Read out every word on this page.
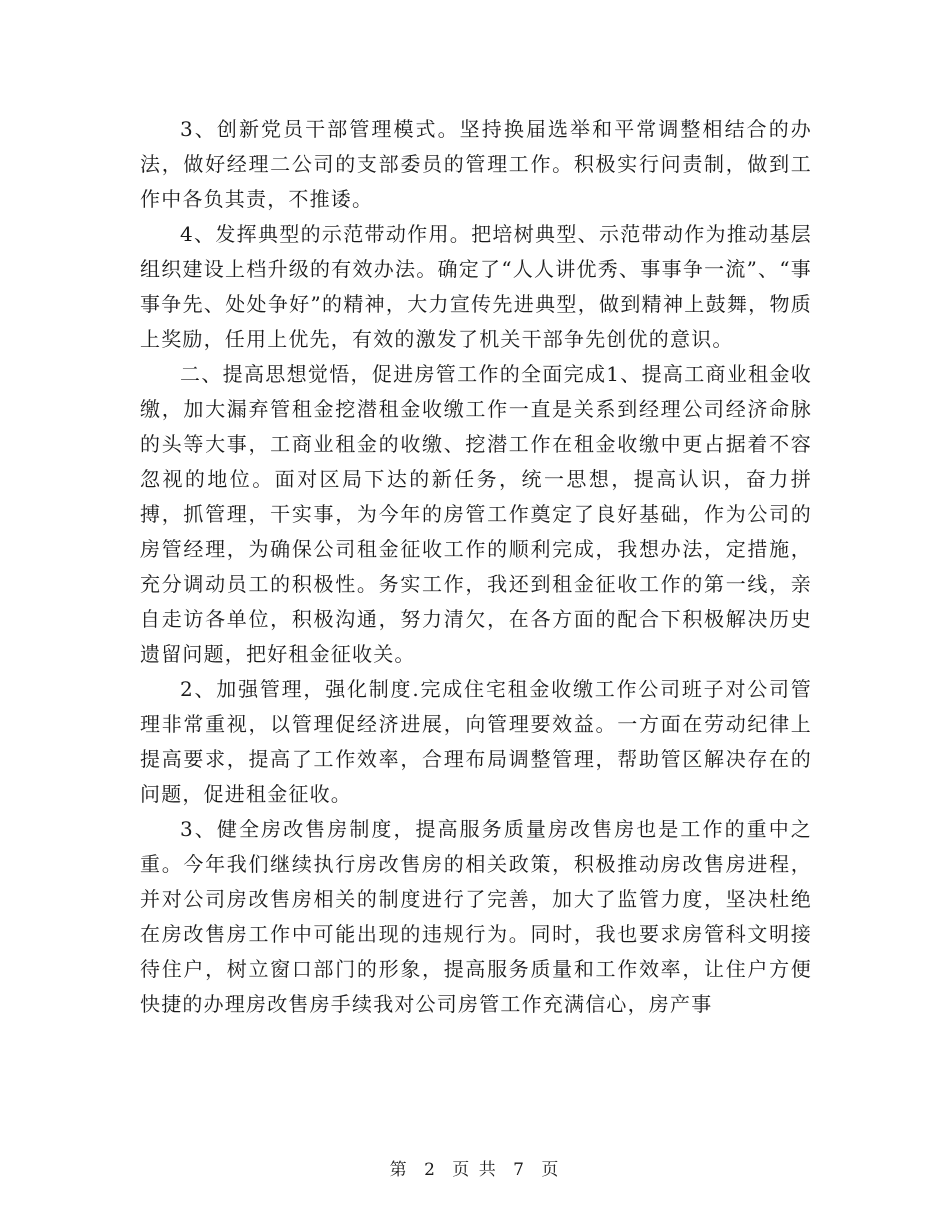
3、创新党员干部管理模式。坚持换届选举和平常调整相结合的办法，做好经理二公司的支部委员的管理工作。积极实行问责制，做到工作中各负其责，不推诿。

4、发挥典型的示范带动作用。把培树典型、示范带动作为推动基层组织建设上档升级的有效办法。确定了“人人讲优秀、事事争一流”、“事事争先、处处争好”的精神，大力宣传先进典型，做到精神上鼓舞，物质上奖励，任用上优先，有效的激发了机关干部争先创优的意识。

二、提高思想觉悟，促进房管工作的全面完成1、提高工商业租金收缴，加大漏弃管租金挖潜租金收缴工作一直是关系到经理公司经济命脉的头等大事，工商业租金的收缴、挖潜工作在租金收缴中更占据着不容忽视的地位。面对区局下达的新任务，统一思想，提高认识，奋力拼搏，抓管理，干实事，为今年的房管工作奠定了良好基础，作为公司的房管经理，为确保公司租金征收工作的顺利完成，我想办法，定措施，充分调动员工的积极性。务实工作，我还到租金征收工作的第一线，亲自走访各单位，积极沟通，努力清欠，在各方面的配合下积极解决历史遗留问题，把好租金征收关。

2、加强管理，强化制度.完成住宅租金收缴工作公司班子对公司管理非常重视，以管理促经济进展，向管理要效益。一方面在劳动纪律上提高要求，提高了工作效率，合理布局调整管理，帮助管区解决存在的问题，促进租金征收。

3、健全房改售房制度，提高服务质量房改售房也是工作的重中之重。今年我们继续执行房改售房的相关政策，积极推动房改售房进程，并对公司房改售房相关的制度进行了完善，加大了监管力度，坚决杜绝在房改售房工作中可能出现的违规行为。同时，我也要求房管科文明接待住户，树立窗口部门的形象，提高服务质量和工作效率，让住户方便快捷的办理房改售房手续我对公司房管工作充满信心，房产事

第 2 页 共 7 页
